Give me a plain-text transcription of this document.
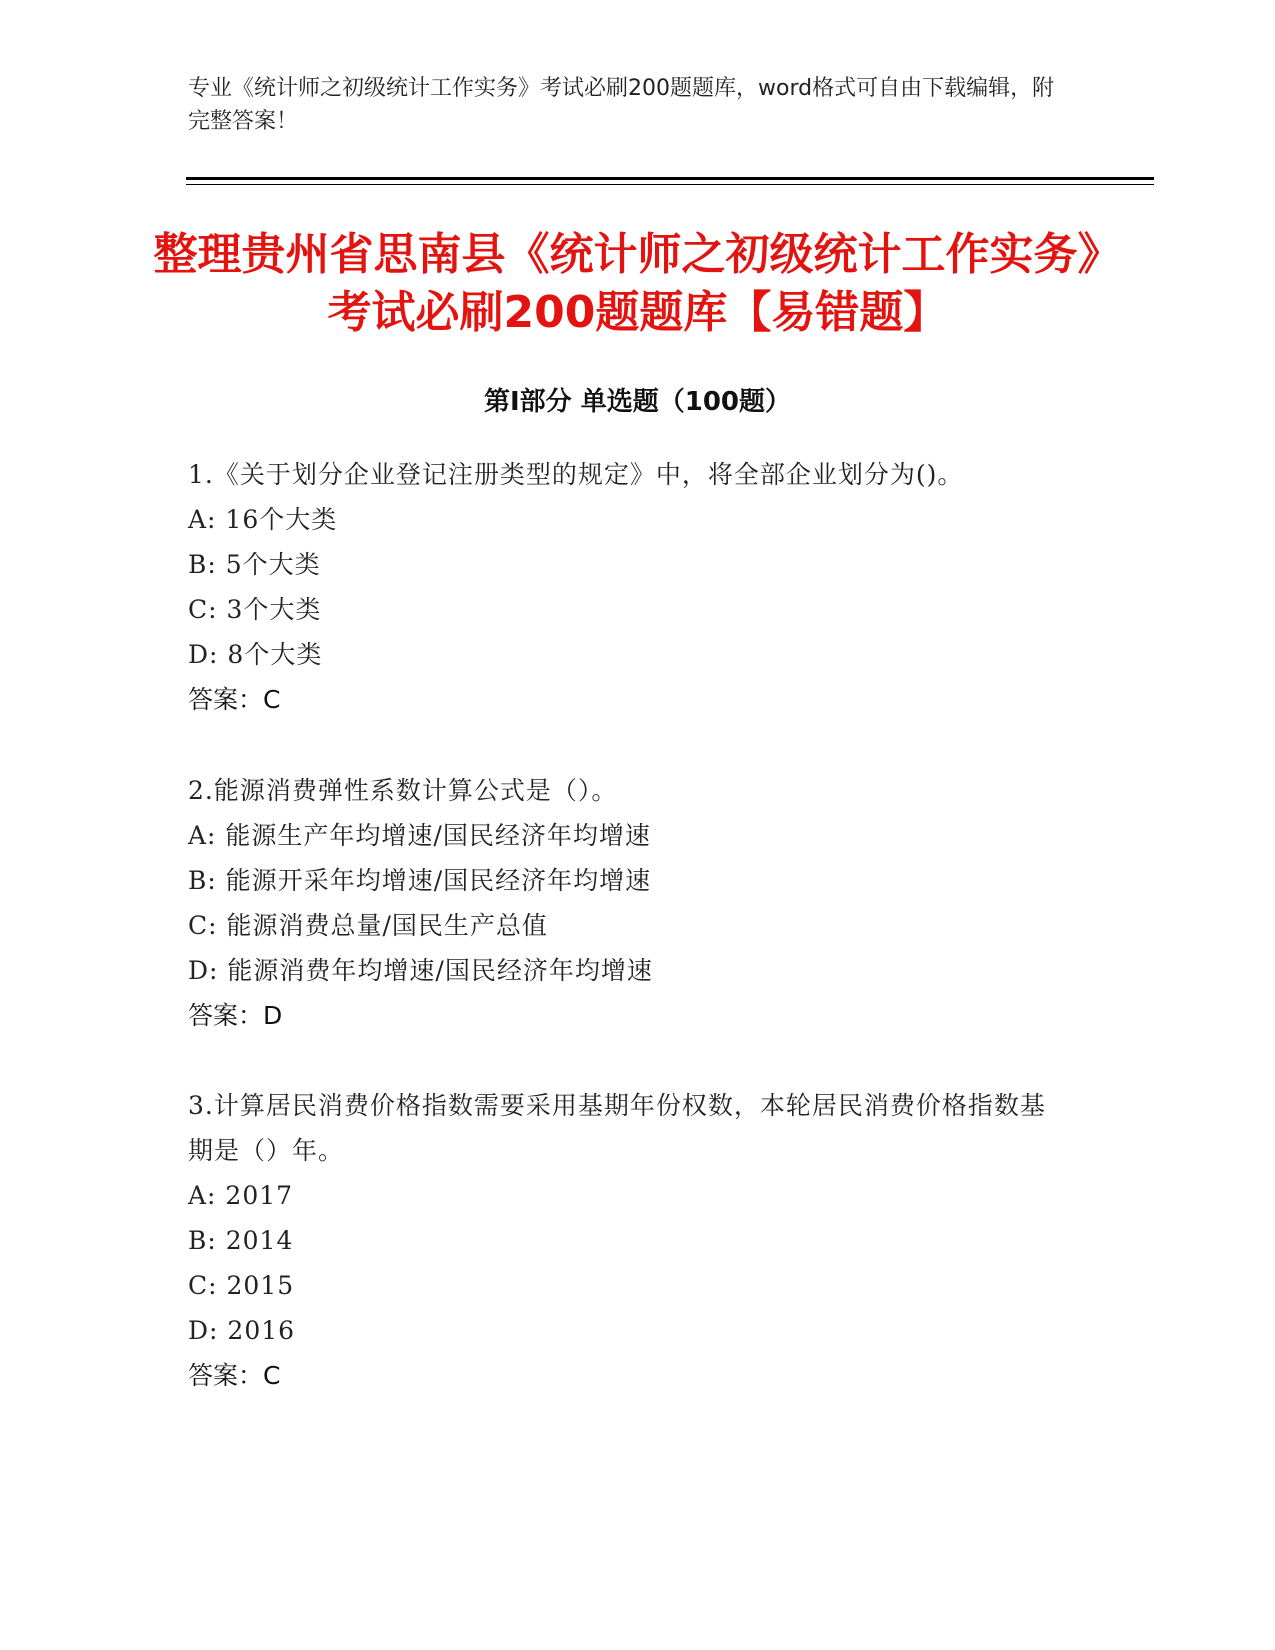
专业《统计师之初级统计工作实务》考试必刷200题题库，word格式可自由下载编辑，附完整答案！
整理贵州省思南县《统计师之初级统计工作实务》考试必刷200题题库【易错题】
第Ⅰ部分 单选题（100题）
1.《关于划分企业登记注册类型的规定》中，将全部企业划分为()。
A: 16个大类
B: 5个大类
C: 3个大类
D: 8个大类
答案：C
2.能源消费弹性系数计算公式是（）。
A: 能源生产年均增速/国民经济年均增速
B: 能源开采年均增速/国民经济年均增速
C: 能源消费总量/国民生产总值
D: 能源消费年均增速/国民经济年均增速
答案：D
3.计算居民消费价格指数需要采用基期年份权数，本轮居民消费价格指数基期是（）年。
A: 2017
B: 2014
C: 2015
D: 2016
答案：C
